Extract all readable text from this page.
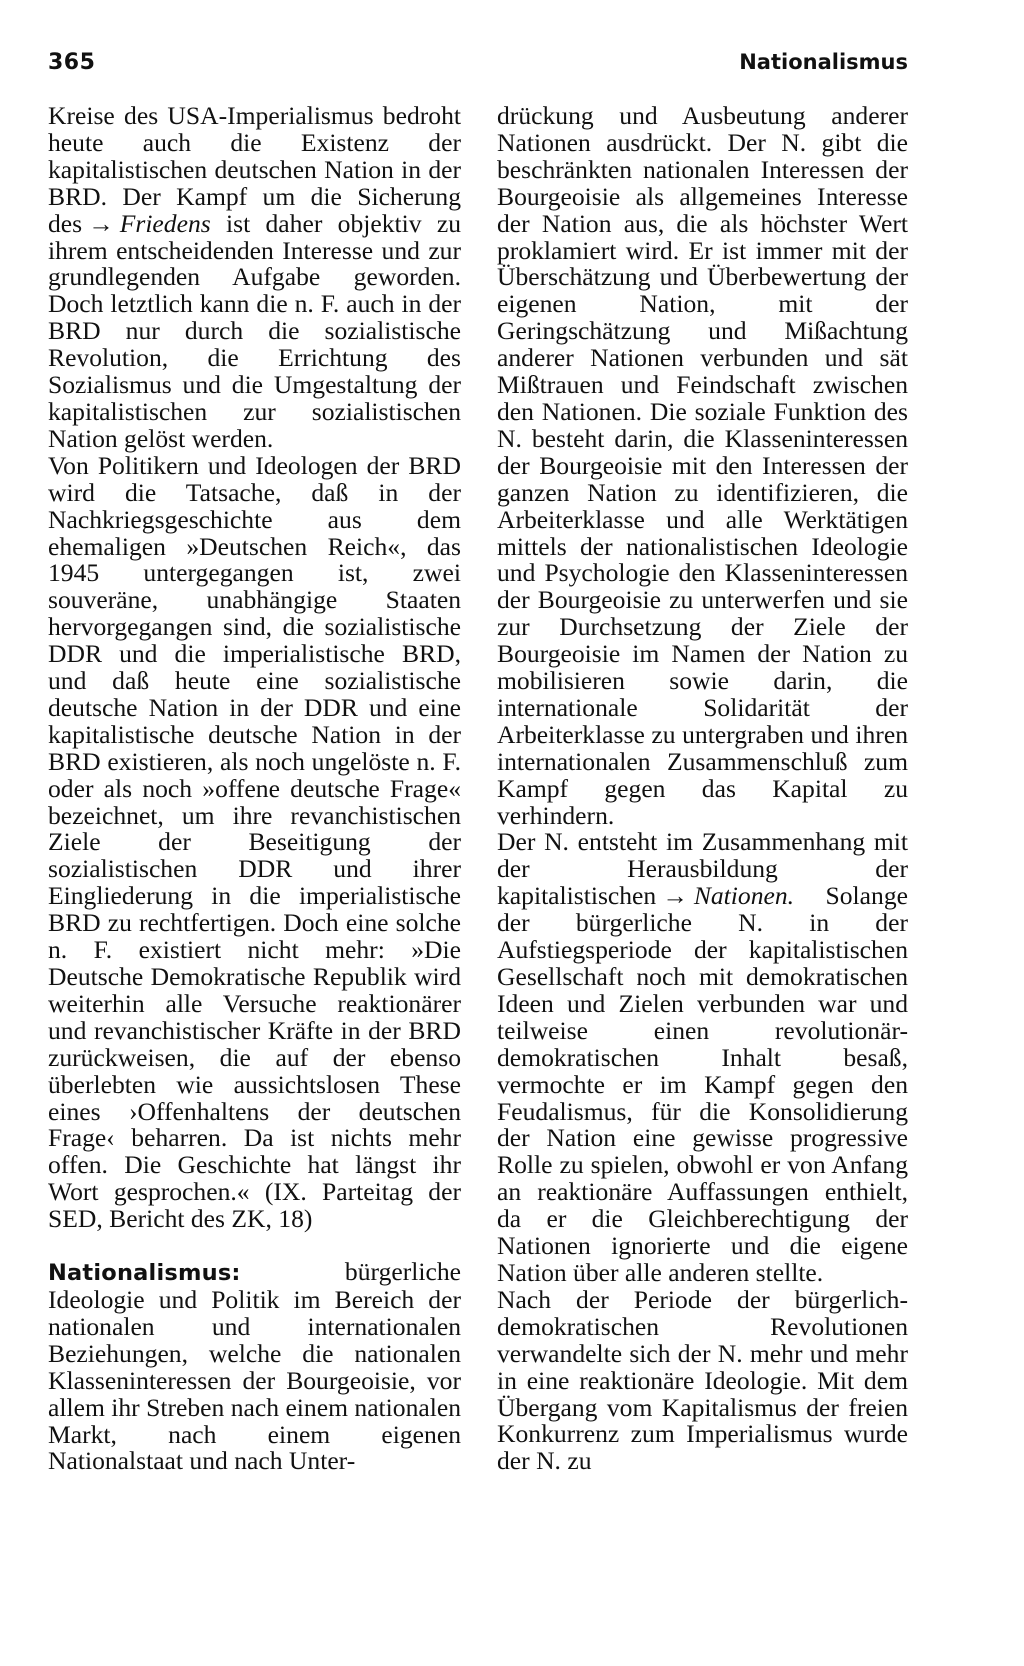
365	Nationalismus

Kreise des USA-Imperialismus bedroht heute auch die Existenz der kapitalistischen deutschen Nation in der BRD. Der Kampf um die Sicherung des → Friedens ist daher objektiv zu ihrem entscheidenden Interesse und zur grundlegenden Aufgabe geworden. Doch letztlich kann die n. F. auch in der BRD nur durch die sozialistische Revolution, die Errichtung des Sozialismus und die Umgestaltung der kapitalistischen zur sozialistischen Nation gelöst werden.

Von Politikern und Ideologen der BRD wird die Tatsache, daß in der Nachkriegsgeschichte aus dem ehemaligen »Deutschen Reich«, das 1945 untergegangen ist, zwei souveräne, unabhängige Staaten hervorgegangen sind, die sozialistische DDR und die imperialistische BRD, und daß heute eine sozialistische deutsche Nation in der DDR und eine kapitalistische deutsche Nation in der BRD existieren, als noch ungelöste n. F. oder als noch »offene deutsche Frage« bezeichnet, um ihre revanchistischen Ziele der Beseitigung der sozialistischen DDR und ihrer Eingliederung in die imperialistische BRD zu rechtfertigen. Doch eine solche n. F. existiert nicht mehr: »Die Deutsche Demokratische Republik wird weiterhin alle Versuche reaktionärer und revanchistischer Kräfte in der BRD zurückweisen, die auf der ebenso überlebten wie aussichtslosen These eines ›Offenhaltens der deutschen Frage‹ beharren. Da ist nichts mehr offen. Die Geschichte hat längst ihr Wort gesprochen.« (IX. Parteitag der SED, Bericht des ZK, 18)

Nationalismus:	bürgerliche Ideologie und Politik im Bereich der nationalen und internationalen Beziehungen, welche die nationalen Klasseninteressen der Bourgeoisie, vor allem ihr Streben nach einem nationalen Markt, nach einem eigenen Nationalstaat und nach Unter-

drückung und Ausbeutung anderer Nationen ausdrückt. Der N. gibt die beschränkten nationalen Interessen der Bourgeoisie als allgemeines Interesse der Nation aus, die als höchster Wert proklamiert wird. Er ist immer mit der Überschätzung und Überbewertung der eigenen Nation, mit der Geringschätzung und Mißachtung anderer Nationen verbunden und sät Mißtrauen und Feindschaft zwischen den Nationen. Die soziale Funktion des N. besteht darin, die Klasseninteressen der Bourgeoisie mit den Interessen der ganzen Nation zu identifizieren, die Arbeiterklasse und alle Werktätigen mittels der nationalistischen Ideologie und Psychologie den Klasseninteressen der Bourgeoisie zu unterwerfen und sie zur Durchsetzung der Ziele der Bourgeoisie im Namen der Nation zu mobilisieren sowie darin, die internationale Solidarität der Arbeiterklasse zu untergraben und ihren internationalen Zusammenschluß zum Kampf gegen das Kapital zu verhindern.

Der N. entsteht im Zusammenhang mit der Herausbildung der kapitalistischen → Nationen. Solange der bürgerliche N. in der Aufstiegsperiode der kapitalistischen Gesellschaft noch mit demokratischen Ideen und Zielen verbunden war und teilweise einen revolutionär-demokratischen Inhalt besaß, vermochte er im Kampf gegen den Feudalismus, für die Konsolidierung der Nation eine gewisse progressive Rolle zu spielen, obwohl er von Anfang an reaktionäre Auffassungen enthielt, da er die Gleichberechtigung der Nationen ignorierte und die eigene Nation über alle anderen stellte.

Nach der Periode der bürgerlich-demokratischen Revolutionen verwandelte sich der N. mehr und mehr in eine reaktionäre Ideologie. Mit dem Übergang vom Kapitalismus der freien Konkurrenz zum Imperialismus wurde der N. zu
